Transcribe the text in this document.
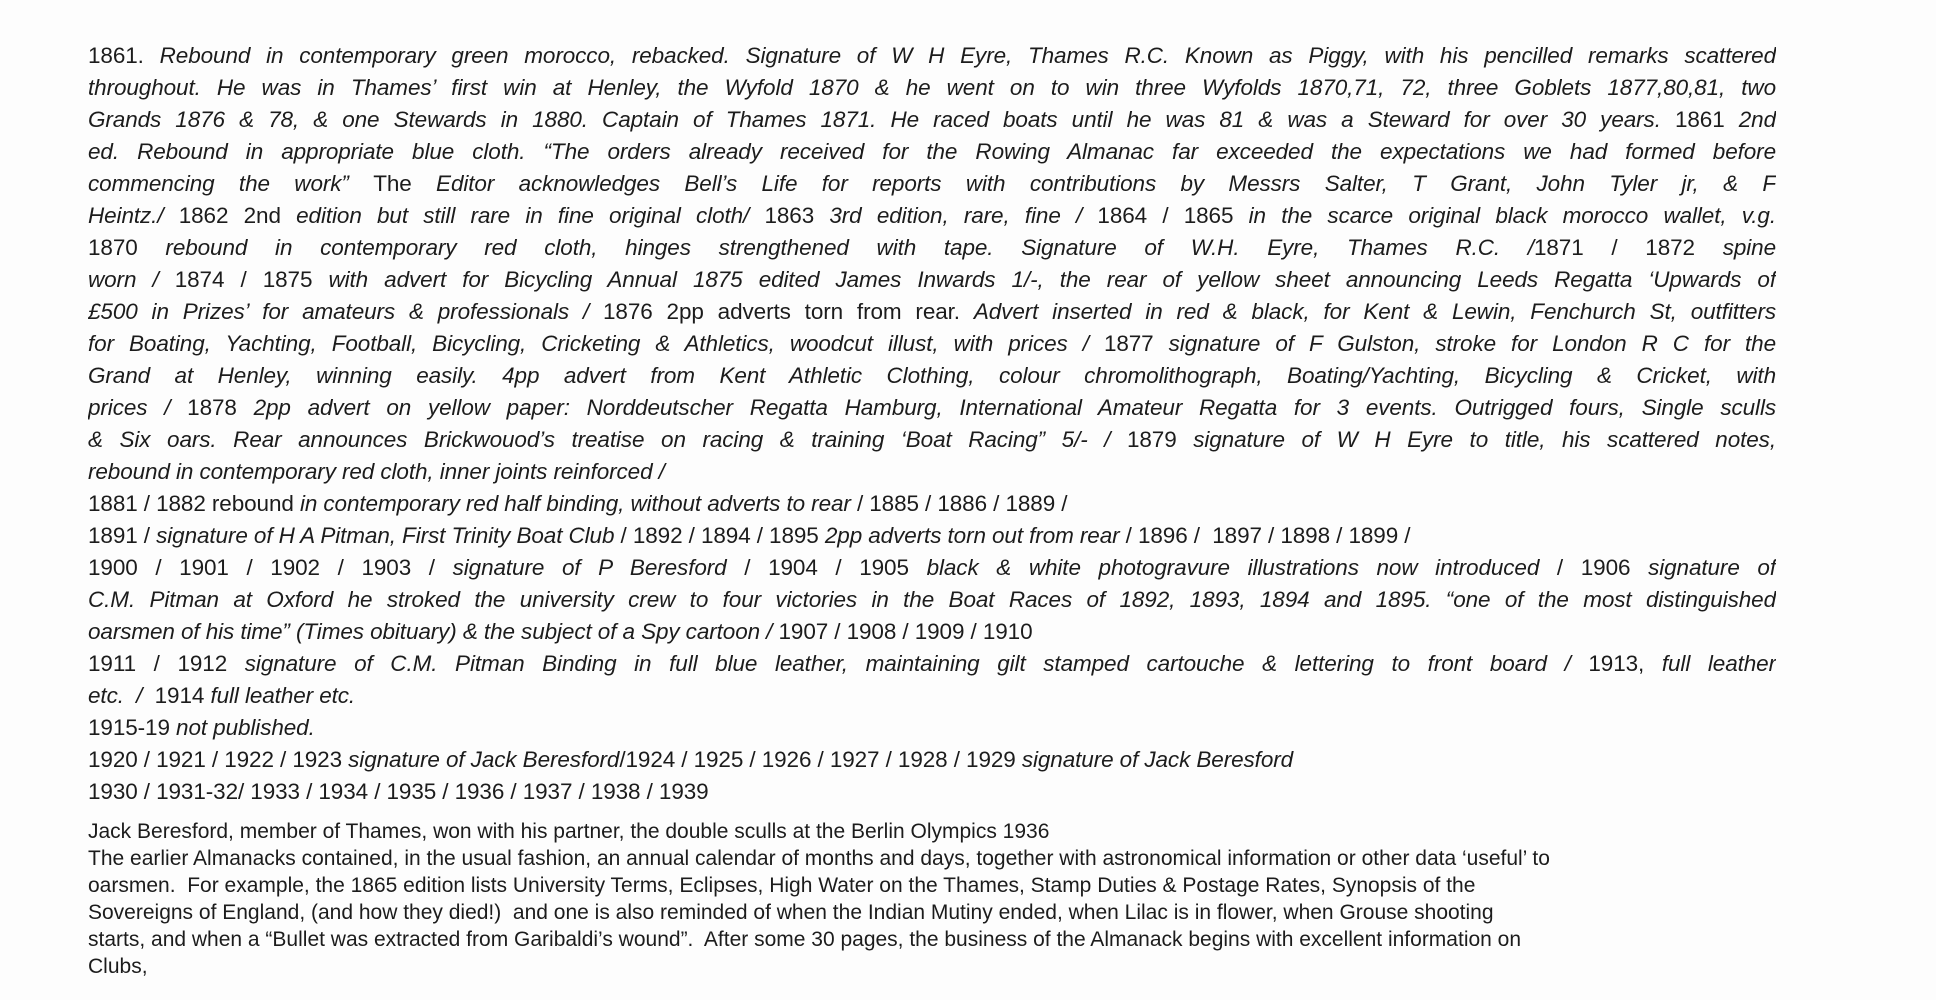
1861. Rebound in contemporary green morocco, rebacked. Signature of W H Eyre, Thames R.C. Known as Piggy, with his pencilled remarks scattered
throughout. He was in Thames’ first win at Henley, the Wyfold 1870 & he went on to win three Wyfolds 1870,71, 72, three Goblets 1877,80,81, two
Grands 1876 & 78, & one Stewards in 1880. Captain of Thames 1871. He raced boats until he was 81 & was a Steward for over 30 years. 1861 2nd
ed. Rebound in appropriate blue cloth. “The orders already received for the Rowing Almanac far exceeded the expectations we had formed before
commencing the work” The Editor acknowledges Bell’s Life for reports with contributions by Messrs Salter, T Grant, John Tyler jr, & F
Heintz./ 1862 2nd edition but still rare in fine original cloth/ 1863 3rd edition, rare, fine / 1864 / 1865 in the scarce original black morocco wallet, v.g.
1870 rebound in contemporary red cloth, hinges strengthened with tape. Signature of W.H. Eyre, Thames R.C. /1871 / 1872 spine
worn / 1874 / 1875 with advert for Bicycling Annual 1875 edited James Inwards 1/-, the rear of yellow sheet announcing Leeds Regatta ‘Upwards of
£500 in Prizes’ for amateurs & professionals / 1876 2pp adverts torn from rear. Advert inserted in red & black, for Kent & Lewin, Fenchurch St, outfitters
for Boating, Yachting, Football, Bicycling, Cricketing & Athletics, woodcut illust, with prices / 1877 signature of F Gulston, stroke for London R C for the
Grand at Henley, winning easily. 4pp advert from Kent Athletic Clothing, colour chromolithograph, Boating/Yachting, Bicycling & Cricket, with
prices / 1878 2pp advert on yellow paper: Norddeutscher Regatta Hamburg, International Amateur Regatta for 3 events. Outrigged fours, Single sculls
& Six oars. Rear announces Brickwouod’s treatise on racing & training ‘Boat Racing” 5/- / 1879 signature of W H Eyre to title, his scattered notes,
rebound in contemporary red cloth, inner joints reinforced /
1881 / 1882 rebound in contemporary red half binding, without adverts to rear / 1885 / 1886 / 1889 /
1891 / signature of H A Pitman, First Trinity Boat Club / 1892 / 1894 / 1895 2pp adverts torn out from rear / 1896 /  1897 / 1898 / 1899 /
1900 / 1901 / 1902 / 1903 / signature of P Beresford / 1904 / 1905 black & white photogravure illustrations now introduced / 1906 signature of
C.M. Pitman at Oxford he stroked the university crew to four victories in the Boat Races of 1892, 1893, 1894 and 1895. “one of the most distinguished
oarsmen of his time” (Times obituary) & the subject of a Spy cartoon / 1907 / 1908 / 1909 / 1910
1911 / 1912 signature of C.M. Pitman Binding in full blue leather, maintaining gilt stamped cartouche & lettering to front board / 1913, full leather
etc.  /  1914 full leather etc.
1915-19 not published.
1920 / 1921 / 1922 / 1923 signature of Jack Beresford/1924 / 1925 / 1926 / 1927 / 1928 / 1929 signature of Jack Beresford
1930 / 1931-32/ 1933 / 1934 / 1935 / 1936 / 1937 / 1938 / 1939
Jack Beresford, member of Thames, won with his partner, the double sculls at the Berlin Olympics 1936
The earlier Almanacks contained, in the usual fashion, an annual calendar of months and days, together with astronomical information or other data ‘useful’ to
oarsmen.  For example, the 1865 edition lists University Terms, Eclipses, High Water on the Thames, Stamp Duties & Postage Rates, Synopsis of the
Sovereigns of England, (and how they died!)  and one is also reminded of when the Indian Mutiny ended, when Lilac is in flower, when Grouse shooting
starts, and when a “Bullet was extracted from Garibaldi’s wound”.  After some 30 pages, the business of the Almanack begins with excellent information on
Clubs,
